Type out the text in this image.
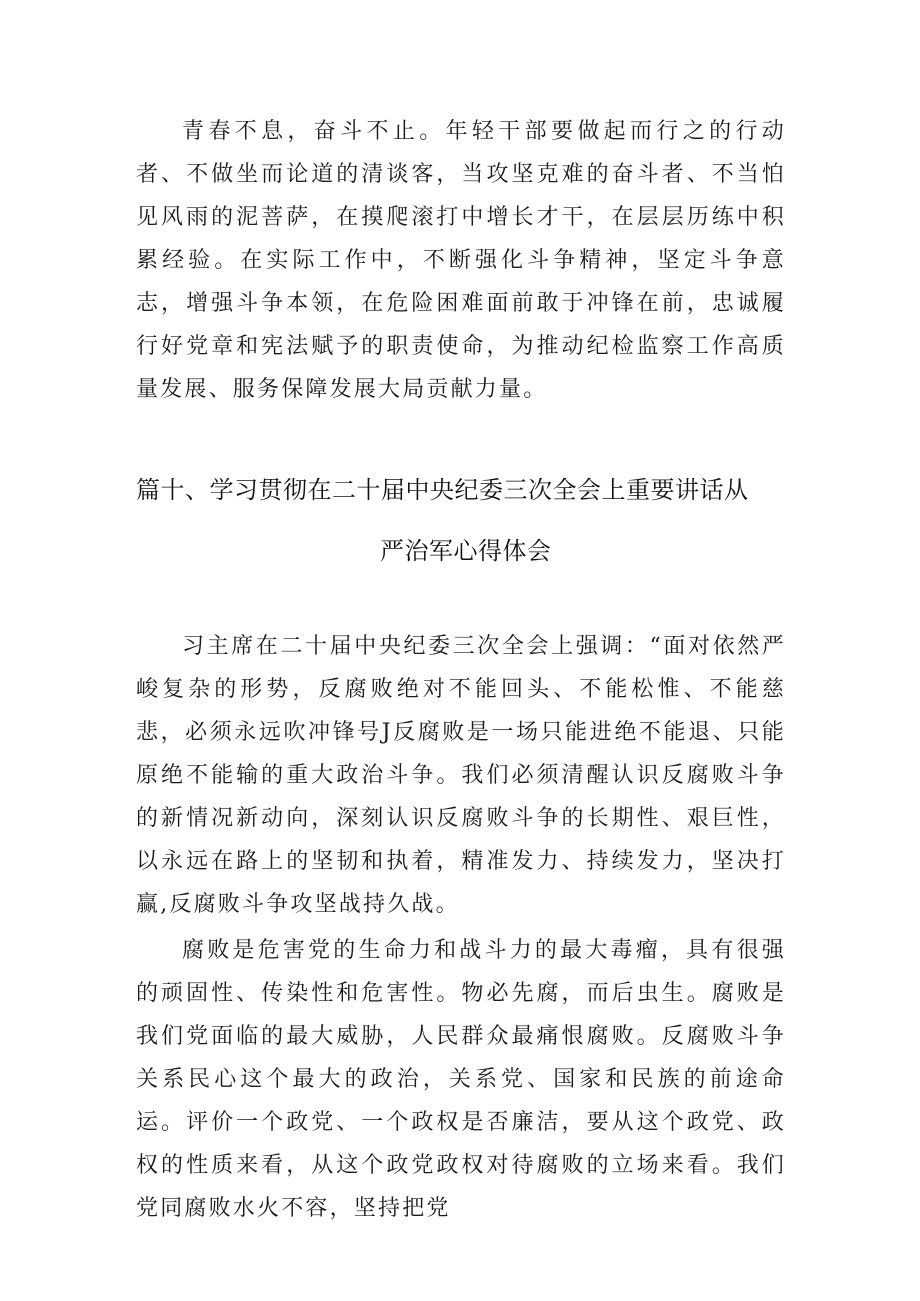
青春不息，奋斗不止。年轻干部要做起而行之的行动者、不做坐而论道的清谈客，当攻坚克难的奋斗者、不当怕见风雨的泥菩萨，在摸爬滚打中增长才干，在层层历练中积累经验。在实际工作中，不断强化斗争精神，坚定斗争意志，增强斗争本领，在危险困难面前敢于冲锋在前，忠诚履行好党章和宪法赋予的职责使命，为推动纪检监察工作高质量发展、服务保障发展大局贡献力量。

篇十、学习贯彻在二十届中央纪委三次全会上重要讲话从
严治军心得体会

习主席在二十届中央纪委三次全会上强调：“面对依然严峻复杂的形势，反腐败绝对不能回头、不能松惟、不能慈悲，必须永远吹冲锋号J反腐败是一场只能进绝不能退、只能原绝不能输的重大政治斗争。我们必须清醒认识反腐败斗争的新情况新动向，深刻认识反腐败斗争的长期性、艰巨性，以永远在路上的坚韧和执着，精准发力、持续发力，坚决打赢,反腐败斗争攻坚战持久战。

腐败是危害党的生命力和战斗力的最大毒瘤，具有很强的顽固性、传染性和危害性。物必先腐，而后虫生。腐败是我们党面临的最大威胁，人民群众最痛恨腐败。反腐败斗争关系民心这个最大的政治，关系党、国家和民族的前途命运。评价一个政党、一个政权是否廉洁，要从这个政党、政权的性质来看，从这个政党政权对待腐败的立场来看。我们党同腐败水火不容，坚持把党
